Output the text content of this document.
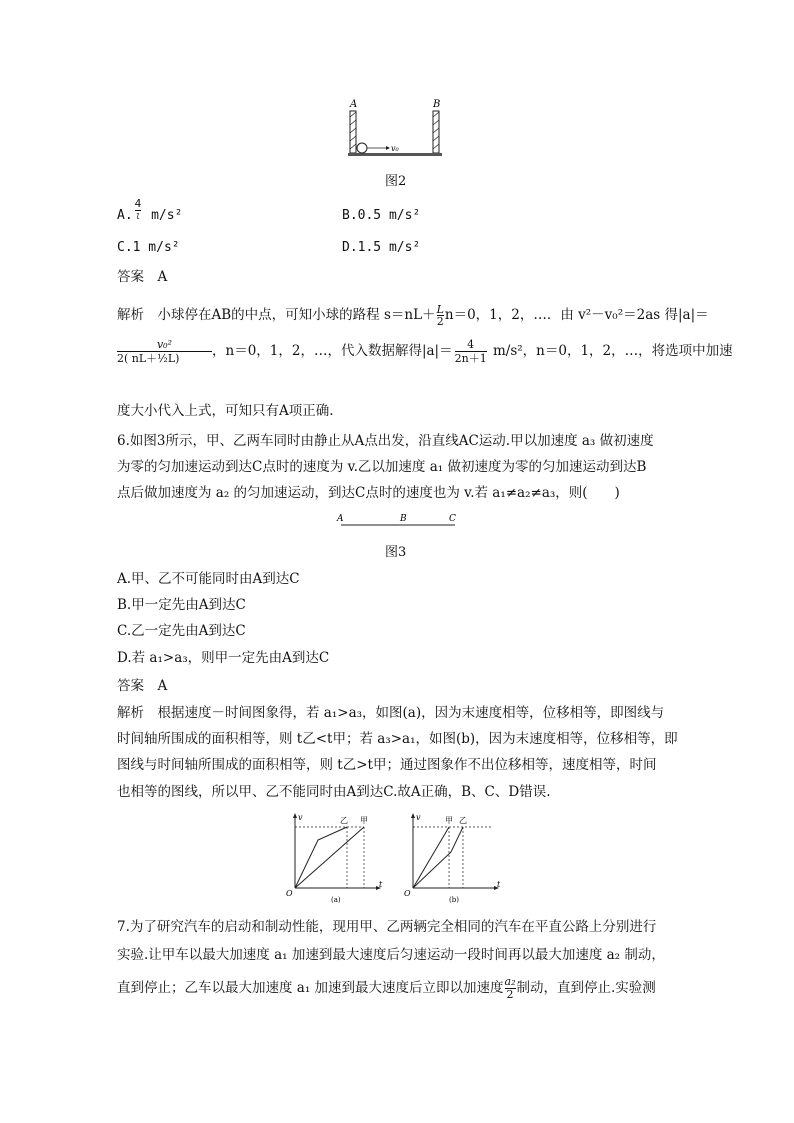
A	B
v₀
图2
A.
4
l m/s²	B.0.5 m/s²
C.1 m/s²	D.1.5 m/s²
答案　A
解析　小球停在AB的中点，可知小球的路程 $s=nL+ \frac{L}{2} n=0$，1，2，…．由 v²－v₀²＝2as 得|a|＝
$\frac{\text{v₀²}}{\text{2( nL＋½L)}}$ ，n＝0，1，2，…，代入数据解得$|a|= \frac{4}{2n+1} m/s^2$，n＝0，1，2，…，将选项中加速
度大小代入上式，可知只有A项正确.
6.如图3所示，甲、乙两车同时由静止从A点出发，沿直线AC运动.甲以加速度 a₃ 做初速度
为零的匀加速运动到达C点时的速度为 v.乙以加速度 a₁ 做初速度为零的匀加速运动到达B
点后做加速度为 a₂ 的匀加速运动，到达C点时的速度也为 v.若 a₁≠a₂≠a₃，则(　　)
A	B	C
图3
A.甲、乙不可能同时由A到达C
B.甲一定先由A到达C
C.乙一定先由A到达C
D.若 a₁>a₃，则甲一定先由A到达C
答案　A
解析　根据速度－时间图象得，若 a₁>a₃，如图(a)，因为末速度相等，位移相等，即图线与
时间轴所围成的面积相等，则 t乙<t甲；若 a₃>a₁，如图(b)，因为末速度相等，位移相等，即
图线与时间轴所围成的面积相等，则 t乙>t甲；通过图象作不出位移相等，速度相等，时间
也相等的图线，所以甲、乙不能同时由A到达C.故A正确，B、C、D错误.
v
t
O
乙 甲
(a)
v
t
O
甲 乙
(b)
7.为了研究汽车的启动和制动性能，现用甲、乙两辆完全相同的汽车在平直公路上分别进行
实验.让甲车以最大加速度 a₁ 加速到最大速度后匀速运动一段时间再以最大加速度 a₂ 制动，
直到停止；乙车以最大加速度 a₁ 加速到最大速度后立即以加速度 $\frac{\text{a₂}}{2}$ 制动，直到停止.实验测
